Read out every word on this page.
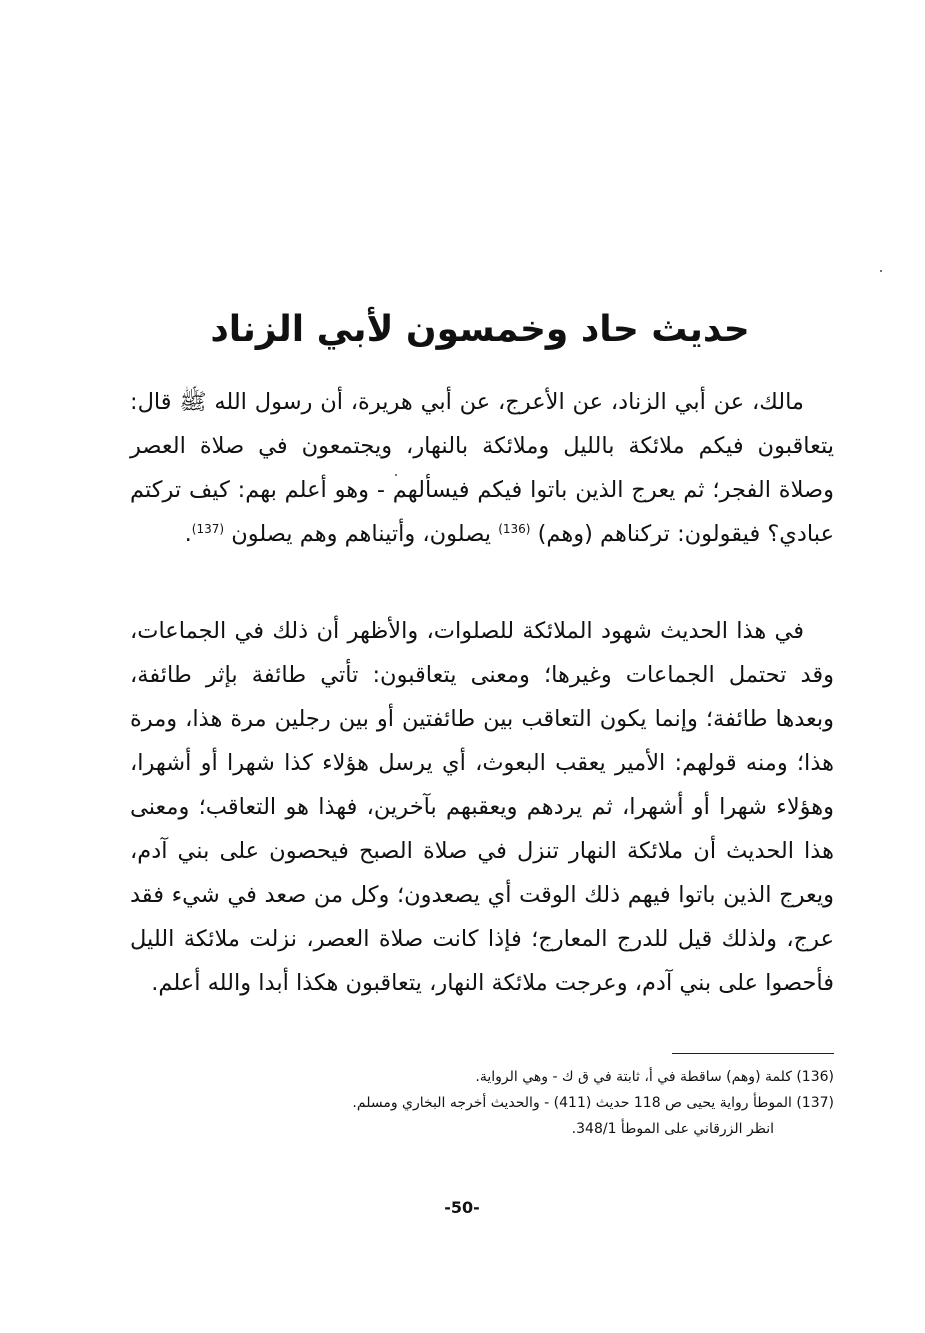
حديث حاد وخمسون لأبي الزناد

مالك، عن أبي الزناد، عن الأعرج، عن أبي هريرة، أن رسول الله ﷺ قال: يتعاقبون فيكم ملائكة بالليل وملائكة بالنهار، ويجتمعون في صلاة العصر وصلاة الفجر؛ ثم يعرج الذين باتوا فيكم فيسألهم - وهو أعلم بهم: كيف تركتم عبادي؟ فيقولون: تركناهم (وهم) $^{(136)}$ يصلون، وأتيناهم وهم يصلون $^{(137)}$.

في هذا الحديث شهود الملائكة للصلوات، والأظهر أن ذلك في الجماعات، وقد تحتمل الجماعات وغيرها؛ ومعنى يتعاقبون: تأتي طائفة بإثر طائفة، وبعدها طائفة؛ وإنما يكون التعاقب بين طائفتين أو بين رجلين مرة هذا، ومرة هذا؛ ومنه قولهم: الأمير يعقب البعوث، أي يرسل هؤلاء كذا شهرا أو أشهرا، وهؤلاء شهرا أو أشهرا، ثم يردهم ويعقبهم بآخرين، فهذا هو التعاقب؛ ومعنى هذا الحديث أن ملائكة النهار تنزل في صلاة الصبح فيحصون على بني آدم، ويعرج الذين باتوا فيهم ذلك الوقت أي يصعدون؛ وكل من صعد في شيء فقد عرج، ولذلك قيل للدرج المعارج؛ فإذا كانت صلاة العصر، نزلت ملائكة الليل فأحصوا على بني آدم، وعرجت ملائكة النهار، يتعاقبون هكذا أبدا والله أعلم.

(136) كلمة (وهم) ساقطة في أ، ثابتة في ق ك - وهي الرواية.

(137) الموطأ رواية يحيى ص 118 حديث (411) - والحديث أخرجه البخاري ومسلم.

انظر الزرقاني على الموطأ 348/1.

-50-
